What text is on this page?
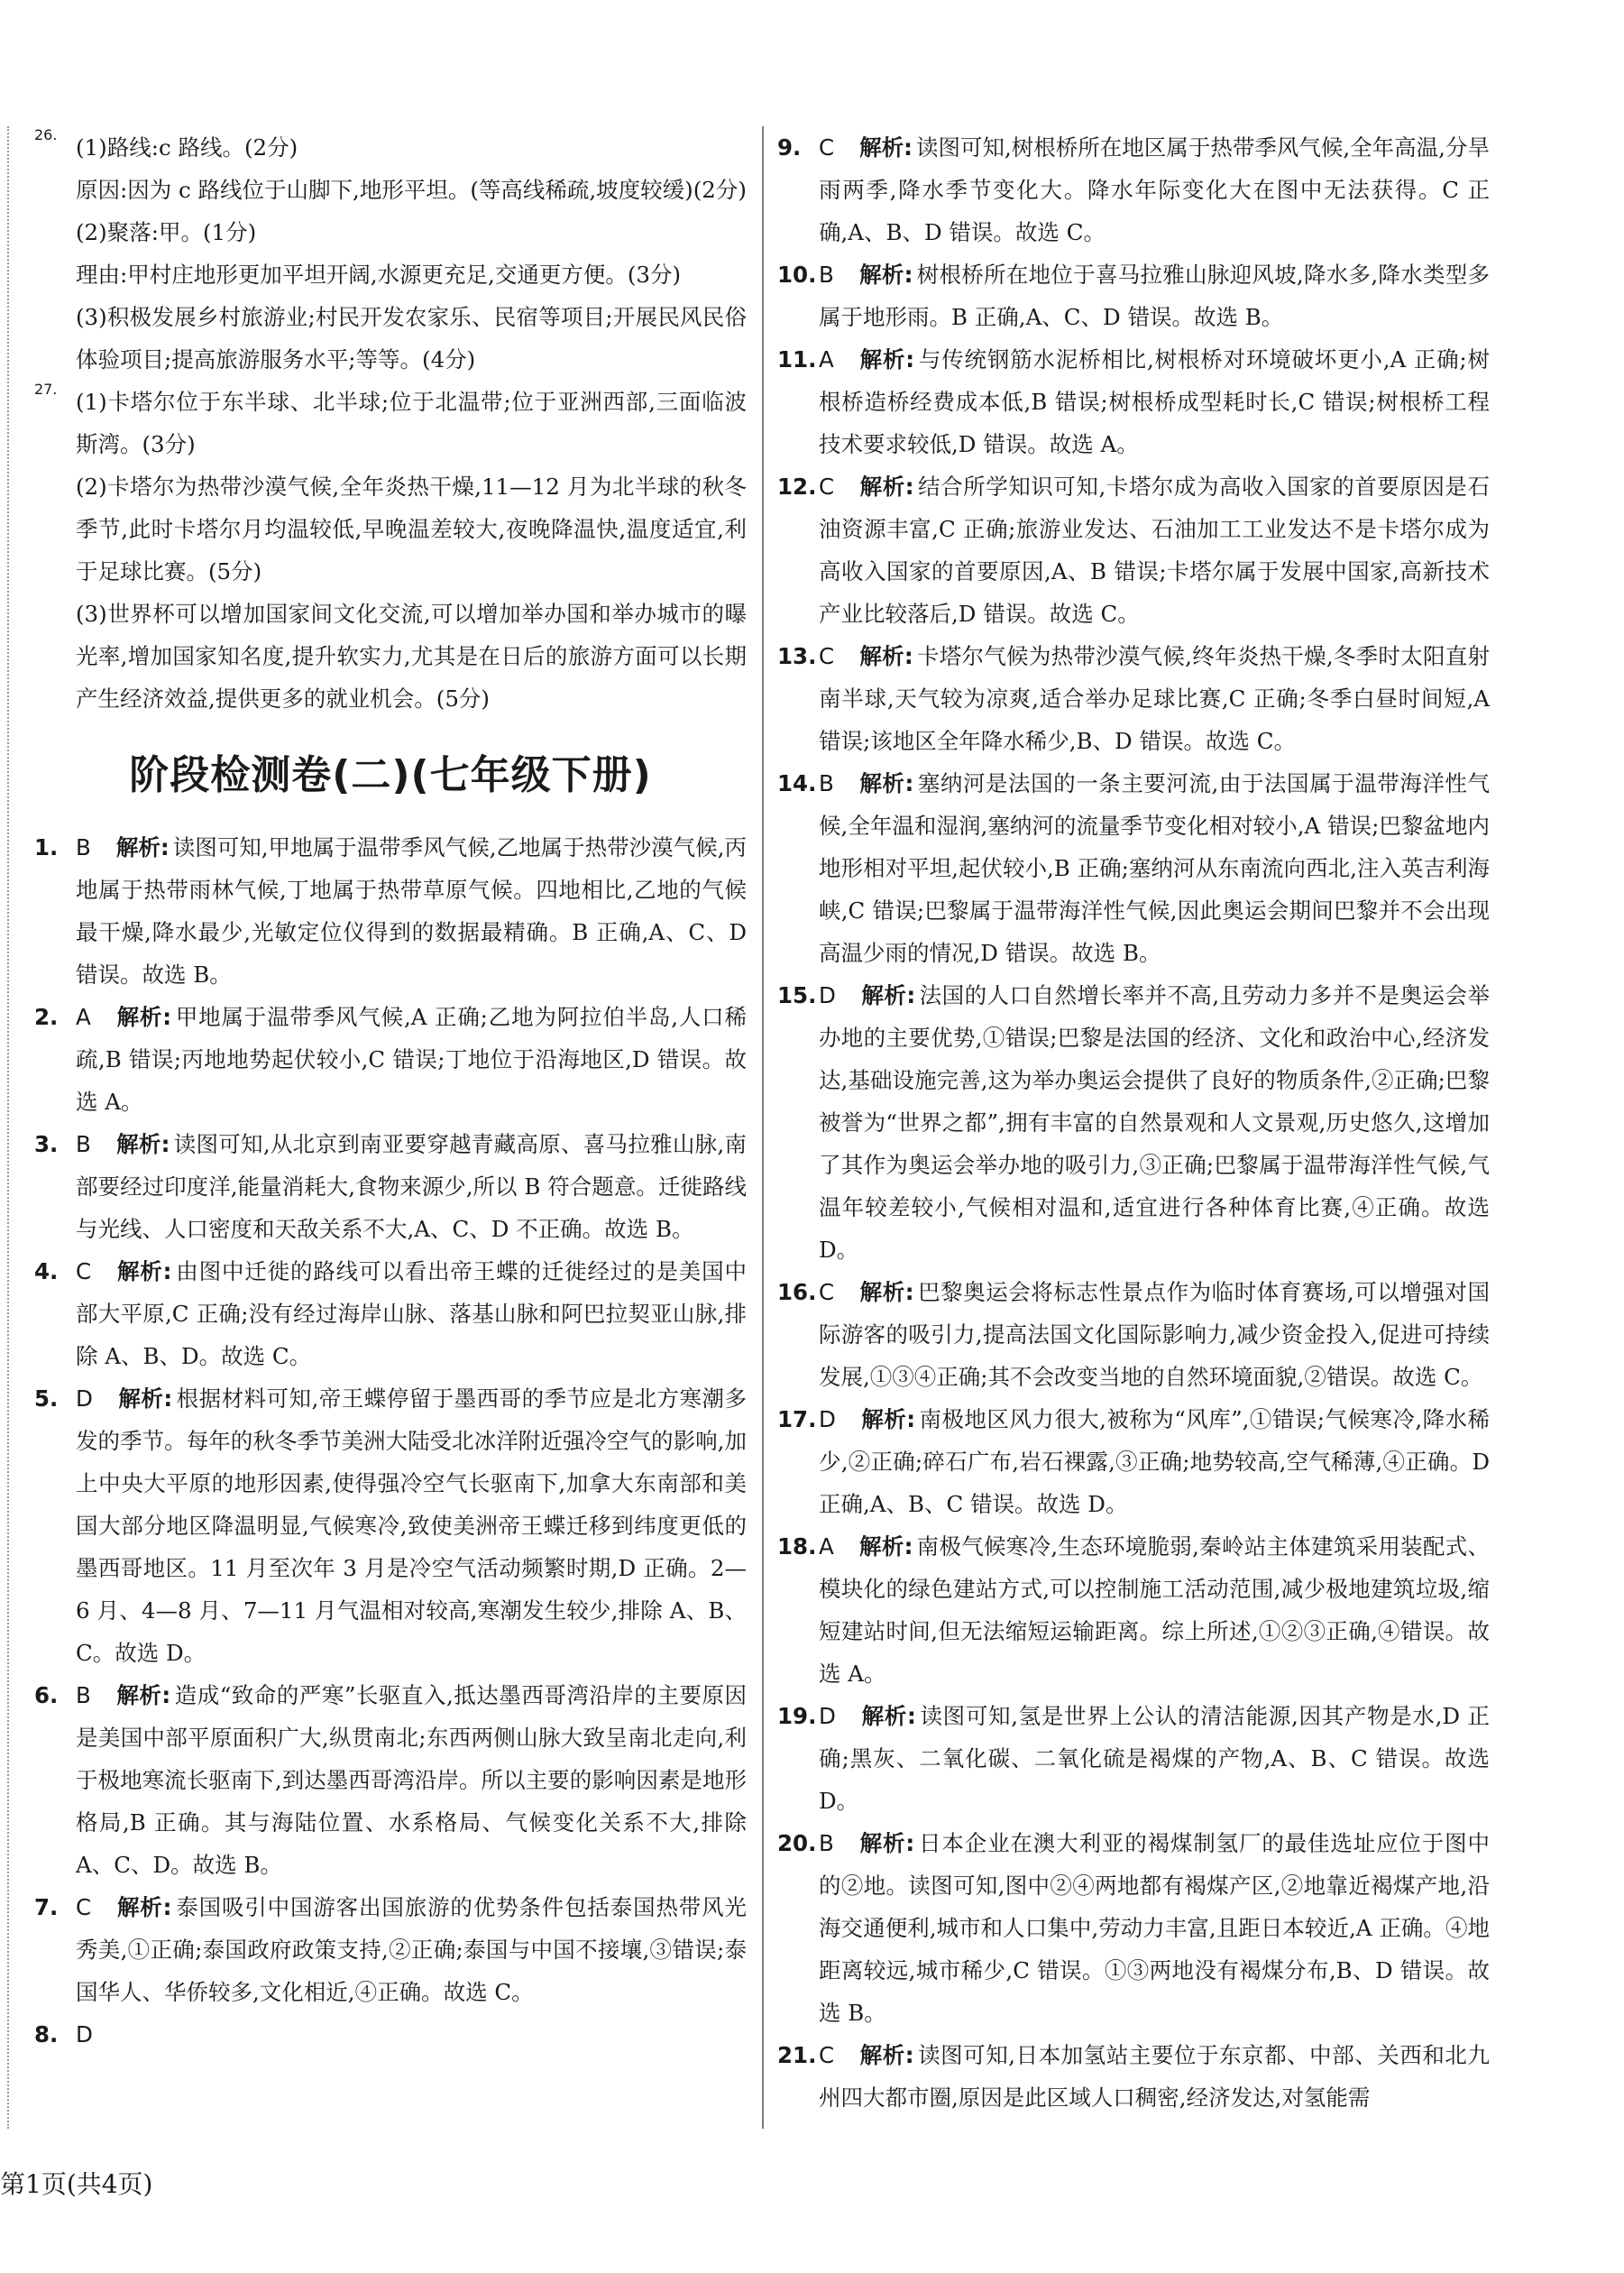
26. (1)路线:c 路线。(2分)

原因:因为 c 路线位于山脚下,地形平坦。(等高线稀疏,坡度较缓)(2分)

(2)聚落:甲。(1分)

理由:甲村庄地形更加平坦开阔,水源更充足,交通更方便。(3分)

(3)积极发展乡村旅游业;村民开发农家乐、民宿等项目;开展民风民俗体验项目;提高旅游服务水平;等等。(4分)

27. (1)卡塔尔位于东半球、北半球;位于北温带;位于亚洲西部,三面临波斯湾。(3分)

(2)卡塔尔为热带沙漠气候,全年炎热干燥,11—12 月为北半球的秋冬季节,此时卡塔尔月均温较低,早晚温差较大,夜晚降温快,温度适宜,利于足球比赛。(5分)

(3)世界杯可以增加国家间文化交流,可以增加举办国和举办城市的曝光率,增加国家知名度,提升软实力,尤其是在日后的旅游方面可以长期产生经济效益,提供更多的就业机会。(5分)

阶段检测卷(二)(七年级下册)

1. B 解析: 读图可知,甲地属于温带季风气候,乙地属于热带沙漠气候,丙地属于热带雨林气候,丁地属于热带草原气候。四地相比,乙地的气候最干燥,降水最少,光敏定位仪得到的数据最精确。B 正确,A、C、D 错误。故选 B。

2. A 解析: 甲地属于温带季风气候,A 正确;乙地为阿拉伯半岛,人口稀疏,B 错误;丙地地势起伏较小,C 错误;丁地位于沿海地区,D 错误。故选 A。

3. B 解析: 读图可知,从北京到南亚要穿越青藏高原、喜马拉雅山脉,南部要经过印度洋,能量消耗大,食物来源少,所以 B 符合题意。迁徙路线与光线、人口密度和天敌关系不大,A、C、D 不正确。故选 B。

4. C 解析: 由图中迁徙的路线可以看出帝王蝶的迁徙经过的是美国中部大平原,C 正确;没有经过海岸山脉、落基山脉和阿巴拉契亚山脉,排除 A、B、D。故选 C。

5. D 解析: 根据材料可知,帝王蝶停留于墨西哥的季节应是北方寒潮多发的季节。每年的秋冬季节美洲大陆受北冰洋附近强冷空气的影响,加上中央大平原的地形因素,使得强冷空气长驱南下,加拿大东南部和美国大部分地区降温明显,气候寒冷,致使美洲帝王蝶迁移到纬度更低的墨西哥地区。11 月至次年 3 月是冷空气活动频繁时期,D 正确。2—6 月、4—8 月、7—11 月气温相对较高,寒潮发生较少,排除 A、B、C。故选 D。

6. B 解析: 造成“致命的严寒”长驱直入,抵达墨西哥湾沿岸的主要原因是美国中部平原面积广大,纵贯南北;东西两侧山脉大致呈南北走向,利于极地寒流长驱南下,到达墨西哥湾沿岸。所以主要的影响因素是地形格局,B 正确。其与海陆位置、水系格局、气候变化关系不大,排除 A、C、D。故选 B。

7. C 解析: 泰国吸引中国游客出国旅游的优势条件包括泰国热带风光秀美,①正确;泰国政府政策支持,②正确;泰国与中国不接壤,③错误;泰国华人、华侨较多,文化相近,④正确。故选 C。

8. D

9. C 解析: 读图可知,树根桥所在地区属于热带季风气候,全年高温,分旱雨两季,降水季节变化大。降水年际变化大在图中无法获得。C 正确,A、B、D 错误。故选 C。

10. B 解析: 树根桥所在地位于喜马拉雅山脉迎风坡,降水多,降水类型多属于地形雨。B 正确,A、C、D 错误。故选 B。

11. A 解析: 与传统钢筋水泥桥相比,树根桥对环境破坏更小,A 正确;树根桥造桥经费成本低,B 错误;树根桥成型耗时长,C 错误;树根桥工程技术要求较低,D 错误。故选 A。

12. C 解析: 结合所学知识可知,卡塔尔成为高收入国家的首要原因是石油资源丰富,C 正确;旅游业发达、石油加工工业发达不是卡塔尔成为高收入国家的首要原因,A、B 错误;卡塔尔属于发展中国家,高新技术产业比较落后,D 错误。故选 C。

13. C 解析: 卡塔尔气候为热带沙漠气候,终年炎热干燥,冬季时太阳直射南半球,天气较为凉爽,适合举办足球比赛,C 正确;冬季白昼时间短,A 错误;该地区全年降水稀少,B、D 错误。故选 C。

14. B 解析: 塞纳河是法国的一条主要河流,由于法国属于温带海洋性气候,全年温和湿润,塞纳河的流量季节变化相对较小,A 错误;巴黎盆地内地形相对平坦,起伏较小,B 正确;塞纳河从东南流向西北,注入英吉利海峡,C 错误;巴黎属于温带海洋性气候,因此奥运会期间巴黎并不会出现高温少雨的情况,D 错误。故选 B。

15. D 解析: 法国的人口自然增长率并不高,且劳动力多并不是奥运会举办地的主要优势,①错误;巴黎是法国的经济、文化和政治中心,经济发达,基础设施完善,这为举办奥运会提供了良好的物质条件,②正确;巴黎被誉为“世界之都”,拥有丰富的自然景观和人文景观,历史悠久,这增加了其作为奥运会举办地的吸引力,③正确;巴黎属于温带海洋性气候,气温年较差较小,气候相对温和,适宜进行各种体育比赛,④正确。故选 D。

16. C 解析: 巴黎奥运会将标志性景点作为临时体育赛场,可以增强对国际游客的吸引力,提高法国文化国际影响力,减少资金投入,促进可持续发展,①③④正确;其不会改变当地的自然环境面貌,②错误。故选 C。

17. D 解析: 南极地区风力很大,被称为“风库”,①错误;气候寒冷,降水稀少,②正确;碎石广布,岩石裸露,③正确;地势较高,空气稀薄,④正确。D 正确,A、B、C 错误。故选 D。

18. A 解析: 南极气候寒冷,生态环境脆弱,秦岭站主体建筑采用装配式、模块化的绿色建站方式,可以控制施工活动范围,减少极地建筑垃圾,缩短建站时间,但无法缩短运输距离。综上所述,①②③正确,④错误。故选 A。

19. D 解析: 读图可知,氢是世界上公认的清洁能源,因其产物是水,D 正确;黑灰、二氧化碳、二氧化硫是褐煤的产物,A、B、C 错误。故选 D。

20. B 解析: 日本企业在澳大利亚的褐煤制氢厂的最佳选址应位于图中的②地。读图可知,图中②④两地都有褐煤产区,②地靠近褐煤产地,沿海交通便利,城市和人口集中,劳动力丰富,且距日本较近,A 正确。④地距离较远,城市稀少,C 错误。①③两地没有褐煤分布,B、D 错误。故选 B。

21. C 解析: 读图可知,日本加氢站主要位于东京都、中部、关西和北九州四大都市圈,原因是此区域人口稠密,经济发达,对氢能需

第1页(共4页)
